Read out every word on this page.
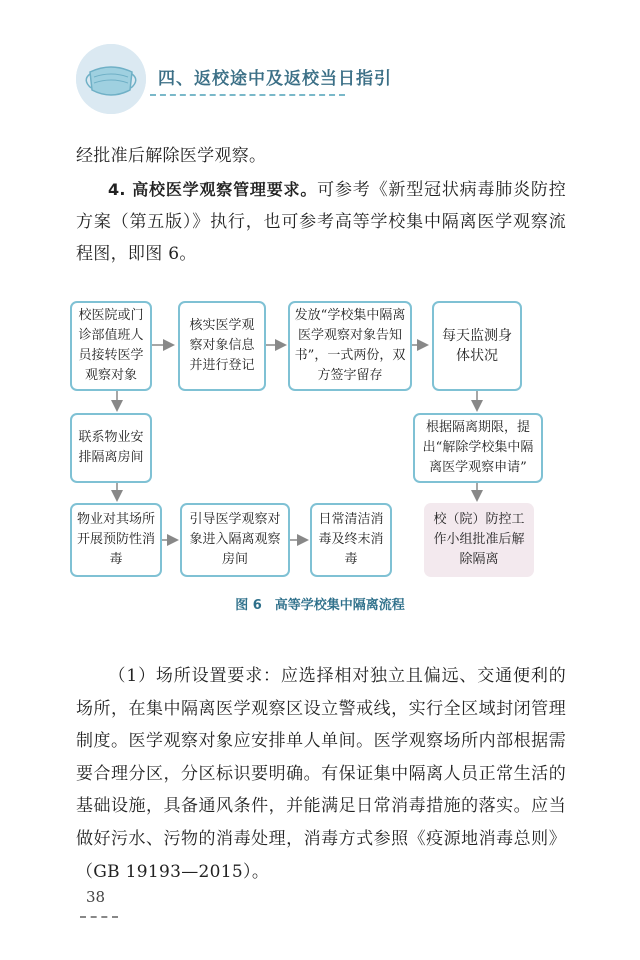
四、返校途中及返校当日指引

经批准后解除医学观察。

4. 高校医学观察管理要求。可参考《新型冠状病毒肺炎防控方案（第五版）》执行，也可参考高等学校集中隔离医学观察流程图，即图 6。

校医院或门诊部值班人员接转医学观察对象
核实医学观察对象信息并进行登记
发放“学校集中隔离医学观察对象告知书”，一式两份，双方签字留存
每天监测身体状况
联系物业安排隔离房间
根据隔离期限，提出“解除学校集中隔离医学观察申请”
物业对其场所开展预防性消毒
引导医学观察对象进入隔离观察房间
日常清洁消毒及终末消毒
校（院）防控工作小组批准后解除隔离
图 6　高等学校集中隔离流程

（1）场所设置要求：应选择相对独立且偏远、交通便利的场所，在集中隔离医学观察区设立警戒线，实行全区域封闭管理制度。医学观察对象应安排单人单间。医学观察场所内部根据需要合理分区，分区标识要明确。有保证集中隔离人员正常生活的基础设施，具备通风条件，并能满足日常消毒措施的落实。应当做好污水、污物的消毒处理，消毒方式参照《疫源地消毒总则》（GB 19193—2015）。

38
